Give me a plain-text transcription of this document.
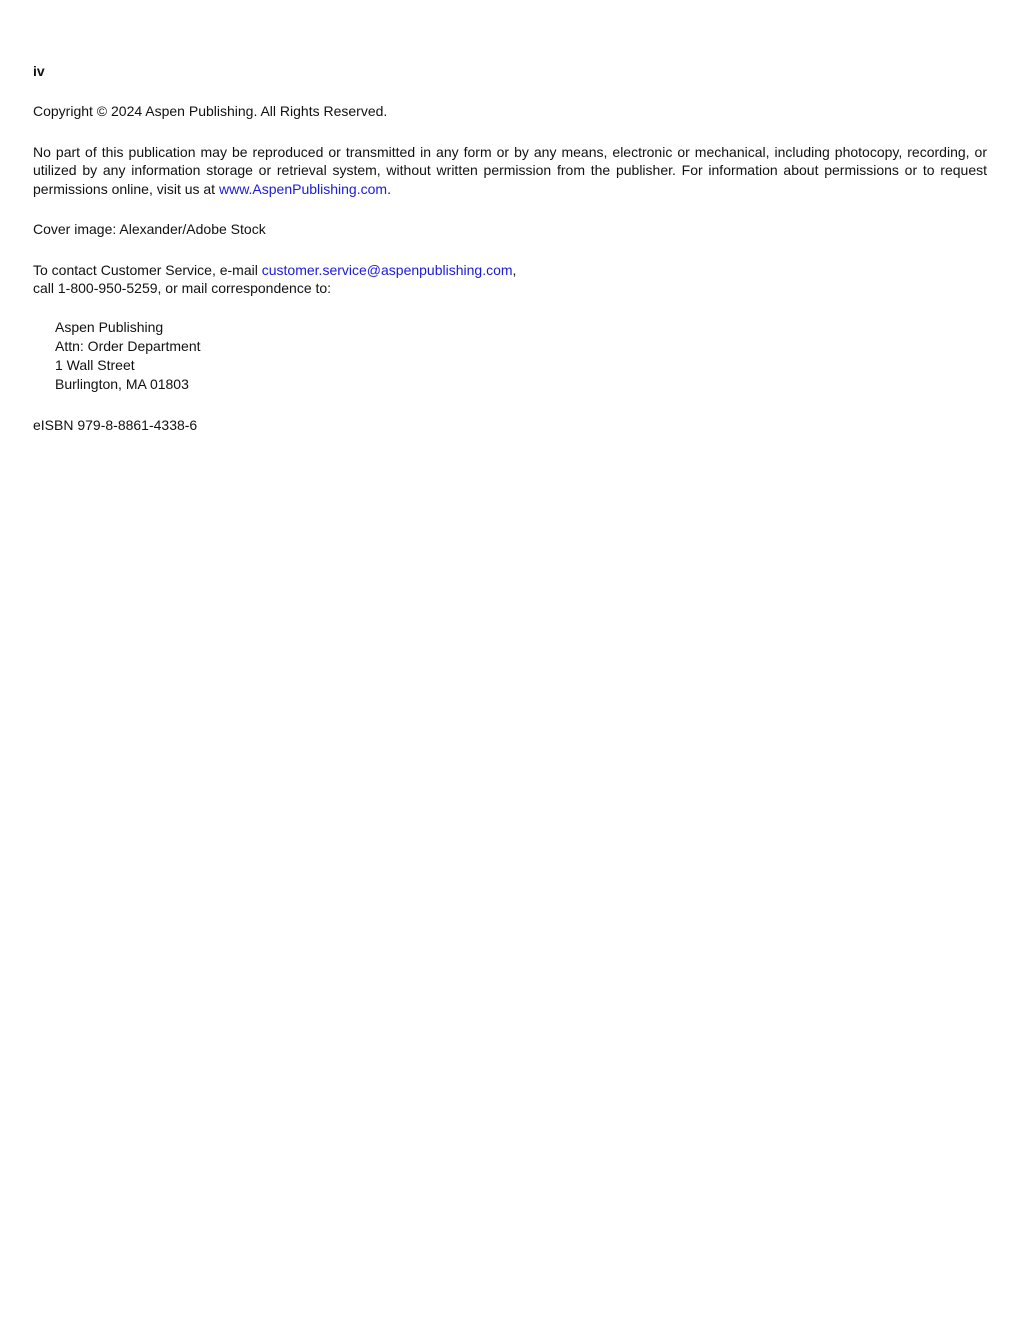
iv

Copyright © 2024 Aspen Publishing. All Rights Reserved.

No part of this publication may be reproduced or transmitted in any form or by any means, electronic or mechanical, including photocopy, recording, or utilized by any information storage or retrieval system, without written permission from the publisher. For information about permissions or to request permissions online, visit us at www.AspenPublishing.com.

Cover image: Alexander/Adobe Stock

To contact Customer Service, e-mail customer.service@aspenpublishing.com,
call 1-800-950-5259, or mail correspondence to:

Aspen Publishing
Attn: Order Department
1 Wall Street
Burlington, MA 01803

eISBN 979-8-8861-4338-6
